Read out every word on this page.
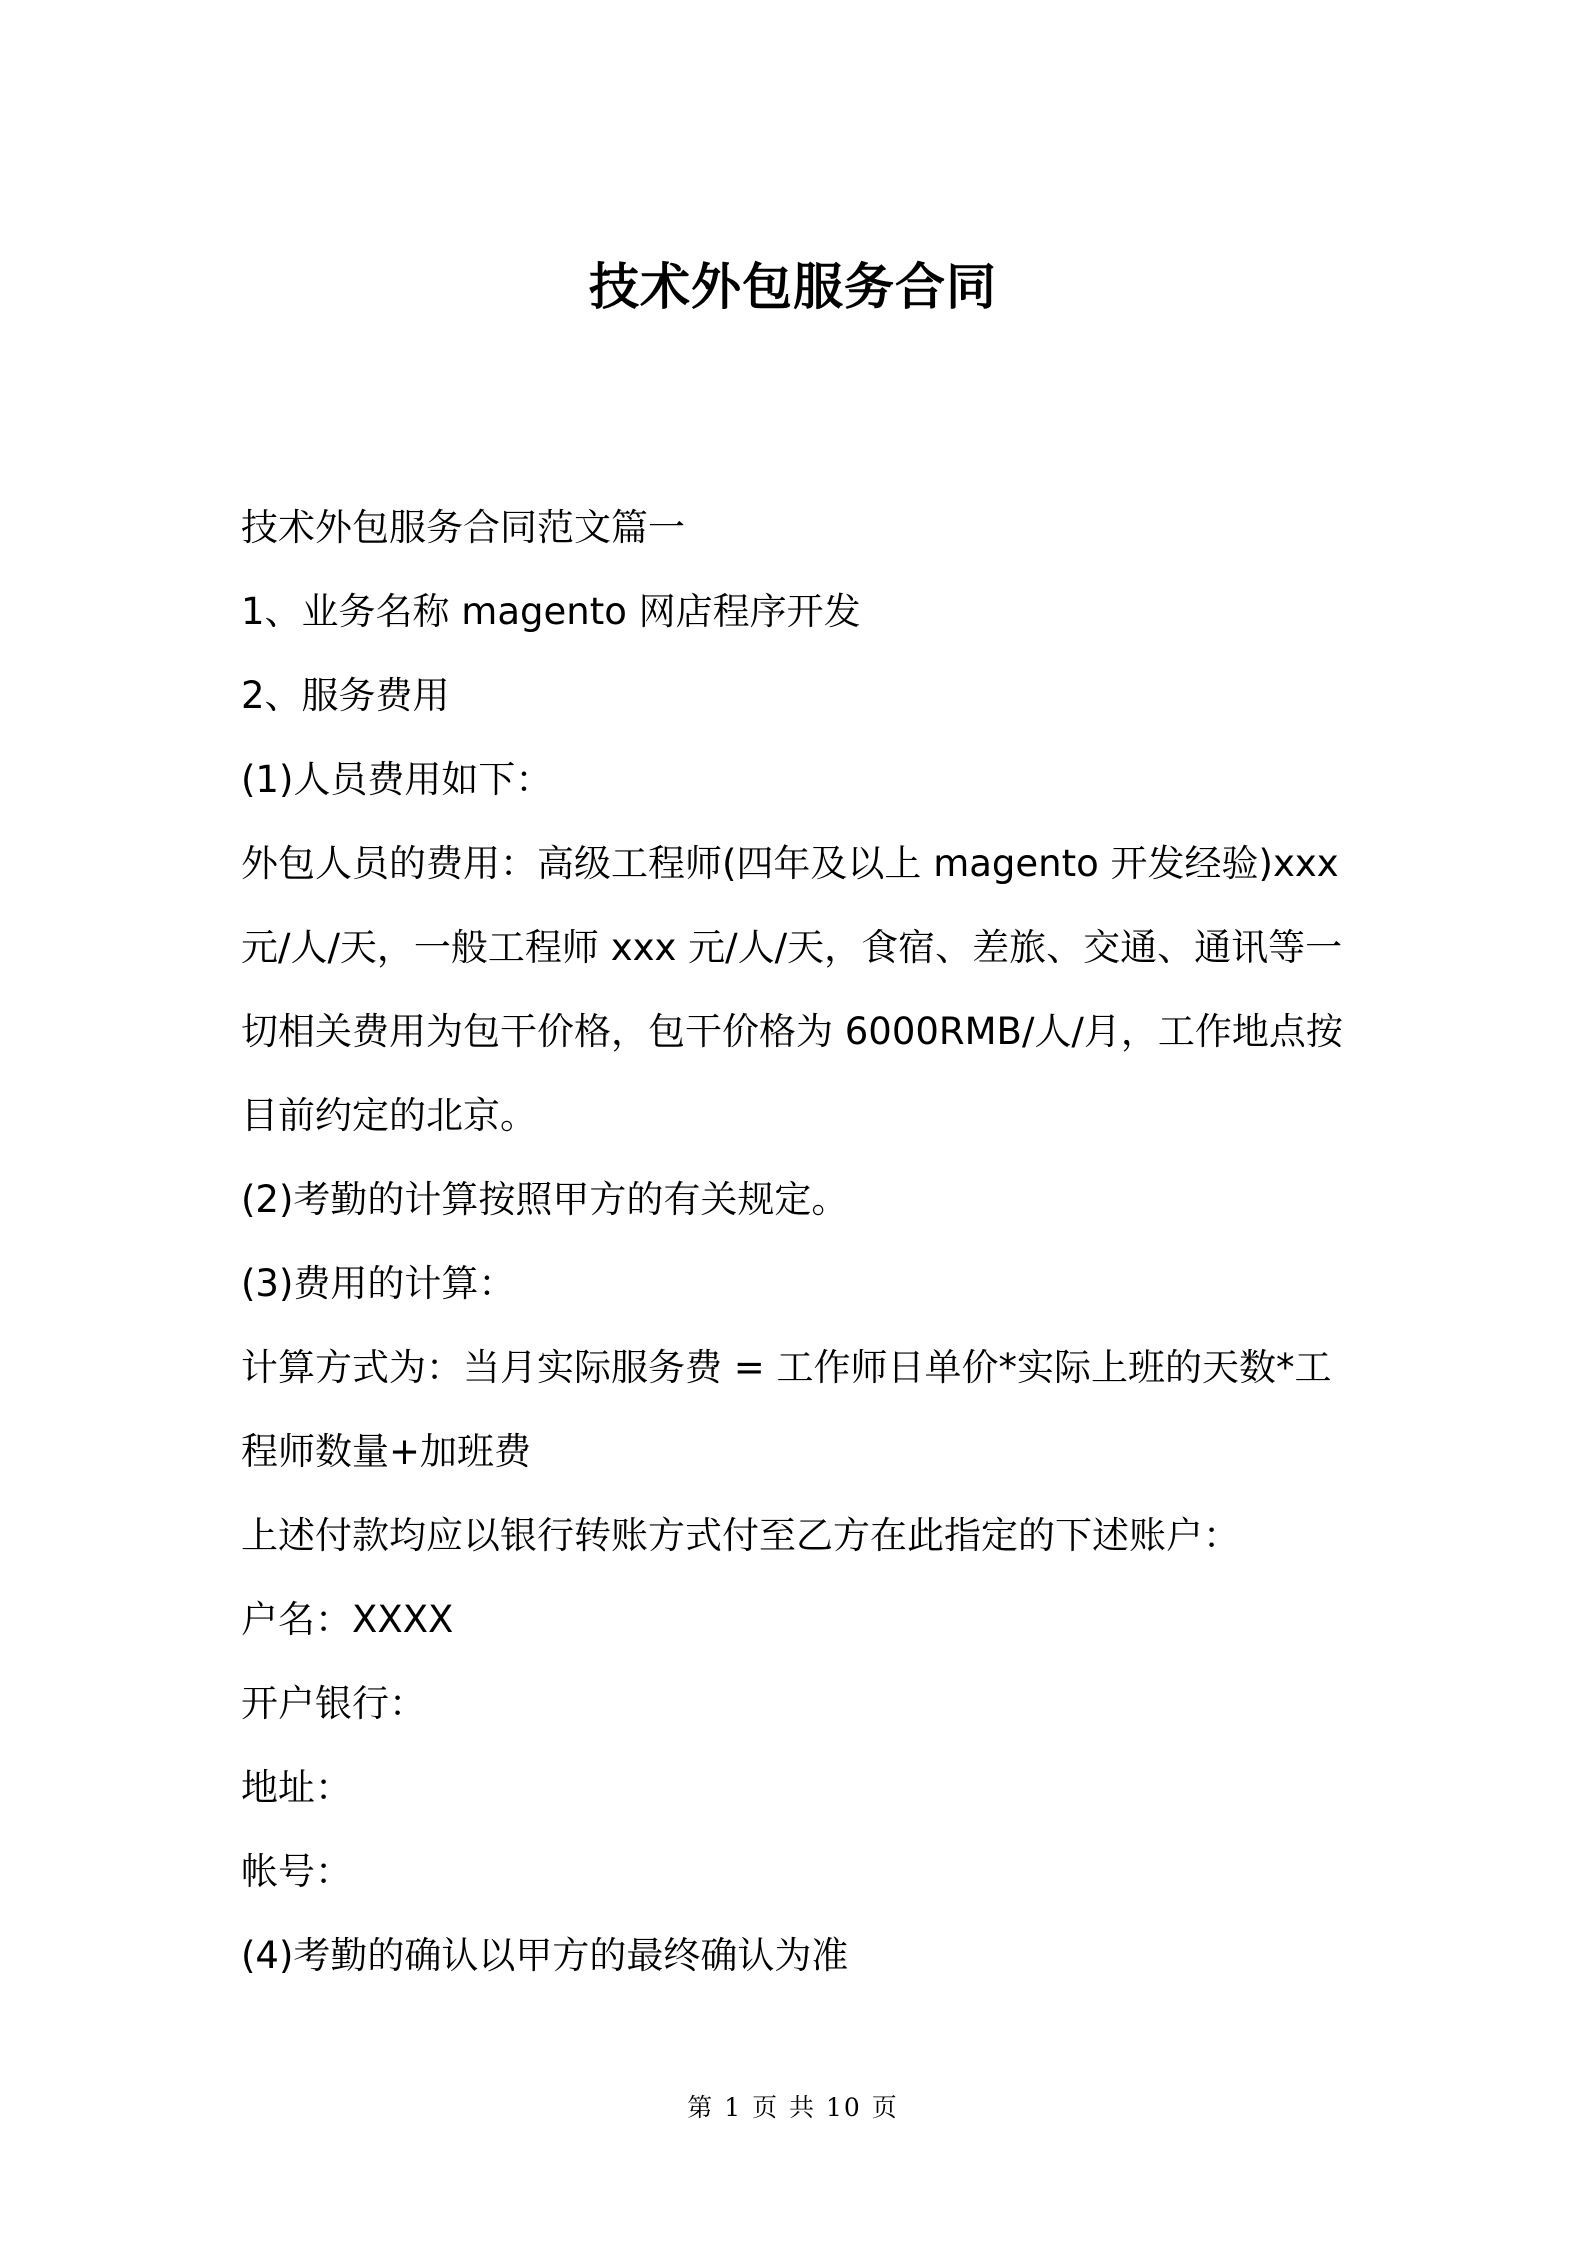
技术外包服务合同

技术外包服务合同范文篇一

1、业务名称 magento 网店程序开发

2、服务费用

(1)人员费用如下：

外包人员的费用：高级工程师(四年及以上 magento 开发经验)xxx元/人/天，一般工程师 xxx 元/人/天，食宿、差旅、交通、通讯等一切相关费用为包干价格，包干价格为 6000RMB/人/月，工作地点按目前约定的北京。

(2)考勤的计算按照甲方的有关规定。

(3)费用的计算：

计算方式为：当月实际服务费 = 工作师日单价*实际上班的天数*工程师数量+加班费

上述付款均应以银行转账方式付至乙方在此指定的下述账户：

户名：XXXX

开户银行：

地址：

帐号：

(4)考勤的确认以甲方的最终确认为准

第 1 页 共 10 页
